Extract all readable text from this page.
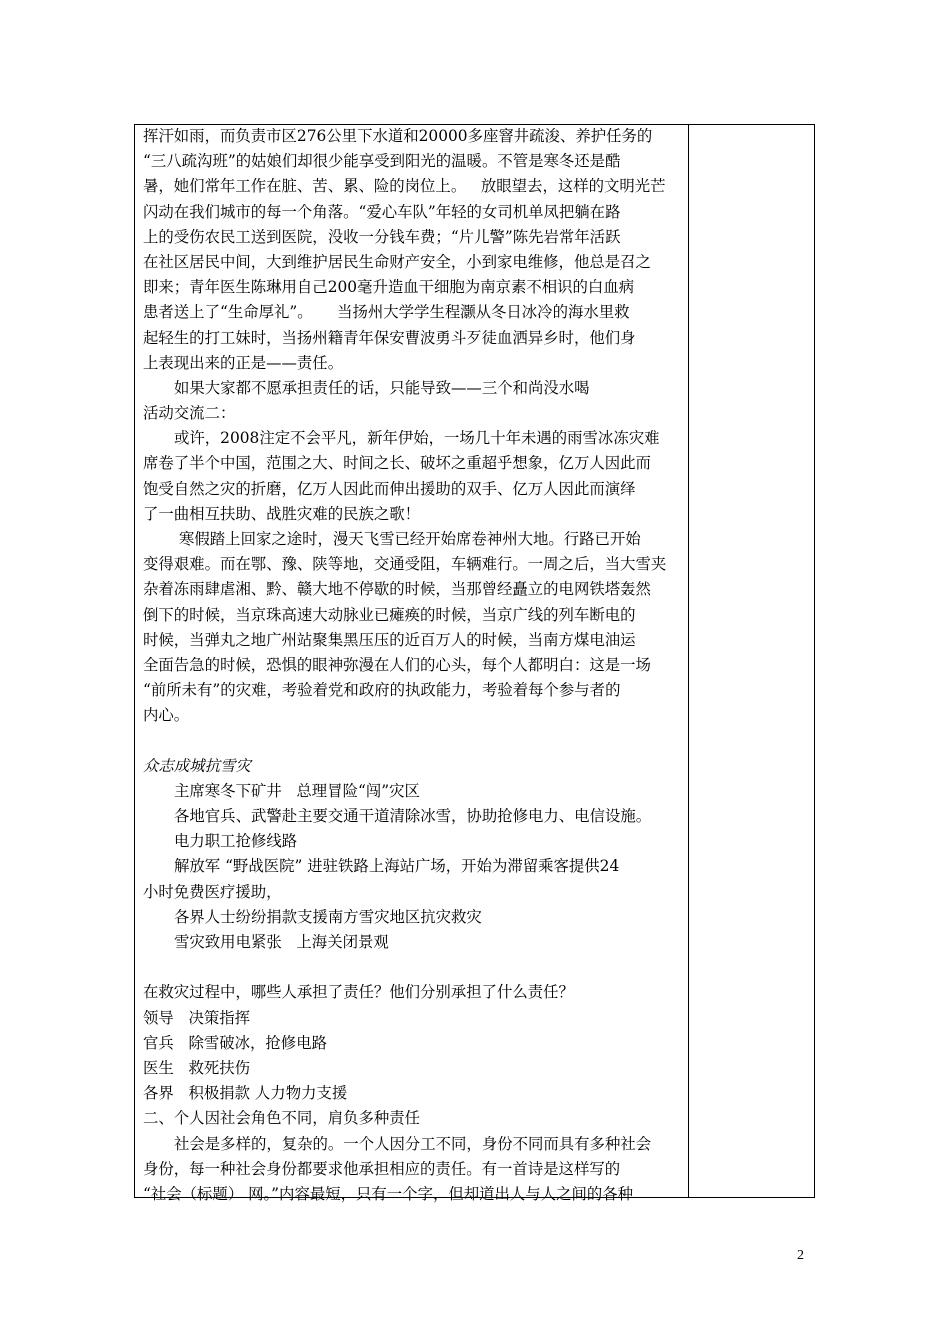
挥汗如雨，而负责市区276公里下水道和20000多座窨井疏浚、养护任务的
“三八疏沟班”的姑娘们却很少能享受到阳光的温暖。不管是寒冬还是酷
暑，她们常年工作在脏、苦、累、险的岗位上。   放眼望去，这样的文明光芒
闪动在我们城市的每一个角落。“爱心车队”年轻的女司机单凤把躺在路
上的受伤农民工送到医院，没收一分钱车费；“片儿警”陈先岩常年活跃
在社区居民中间，大到维护居民生命财产安全，小到家电维修，他总是召之
即来；青年医生陈琳用自己200毫升造血干细胞为南京素不相识的白血病
患者送上了“生命厚礼”。     当扬州大学学生程灏从冬日冰冷的海水里救
起轻生的打工妹时，当扬州籍青年保安曹波勇斗歹徒血洒异乡时，他们身
上表现出来的正是——责任。
如果大家都不愿承担责任的话，只能导致——三个和尚没水喝
活动交流二：
或许，2008注定不会平凡，新年伊始，一场几十年未遇的雨雪冰冻灾难
席卷了半个中国，范围之大、时间之长、破坏之重超乎想象，亿万人因此而
饱受自然之灾的折磨，亿万人因此而伸出援助的双手、亿万人因此而演绎
了一曲相互扶助、战胜灾难的民族之歌！
寒假踏上回家之途时，漫天飞雪已经开始席卷神州大地。行路已开始
变得艰难。而在鄂、豫、陕等地，交通受阻，车辆难行。一周之后，当大雪夹
杂着冻雨肆虐湘、黔、赣大地不停歇的时候，当那曾经矗立的电网铁塔轰然
倒下的时候，当京珠高速大动脉业已瘫痪的时候，当京广线的列车断电的
时候，当弹丸之地广州站聚集黑压压的近百万人的时候，当南方煤电油运
全面告急的时候，恐惧的眼神弥漫在人们的心头，每个人都明白：这是一场
“前所未有”的灾难，考验着党和政府的执政能力，考验着每个参与者的
内心。
众志成城抗雪灾
主席寒冬下矿井   总理冒险“闯”灾区
各地官兵、武警赴主要交通干道清除冰雪，协助抢修电力、电信设施。
电力职工抢修线路
解放军 “野战医院” 进驻铁路上海站广场，开始为滞留乘客提供24
小时免费医疗援助，
各界人士纷纷捐款支援南方雪灾地区抗灾救灾
雪灾致用电紧张   上海关闭景观
在救灾过程中，哪些人承担了责任？他们分别承担了什么责任？
领导   决策指挥
官兵   除雪破冰，抢修电路
医生   救死扶伤
各界   积极捐款 人力物力支援
二、个人因社会角色不同，肩负多种责任
社会是多样的，复杂的。一个人因分工不同，身份不同而具有多种社会
身份，每一种社会身份都要求他承担相应的责任。有一首诗是这样写的
“社会（标题） 网。”内容最短，只有一个字，但却道出人与人之间的各种
2
